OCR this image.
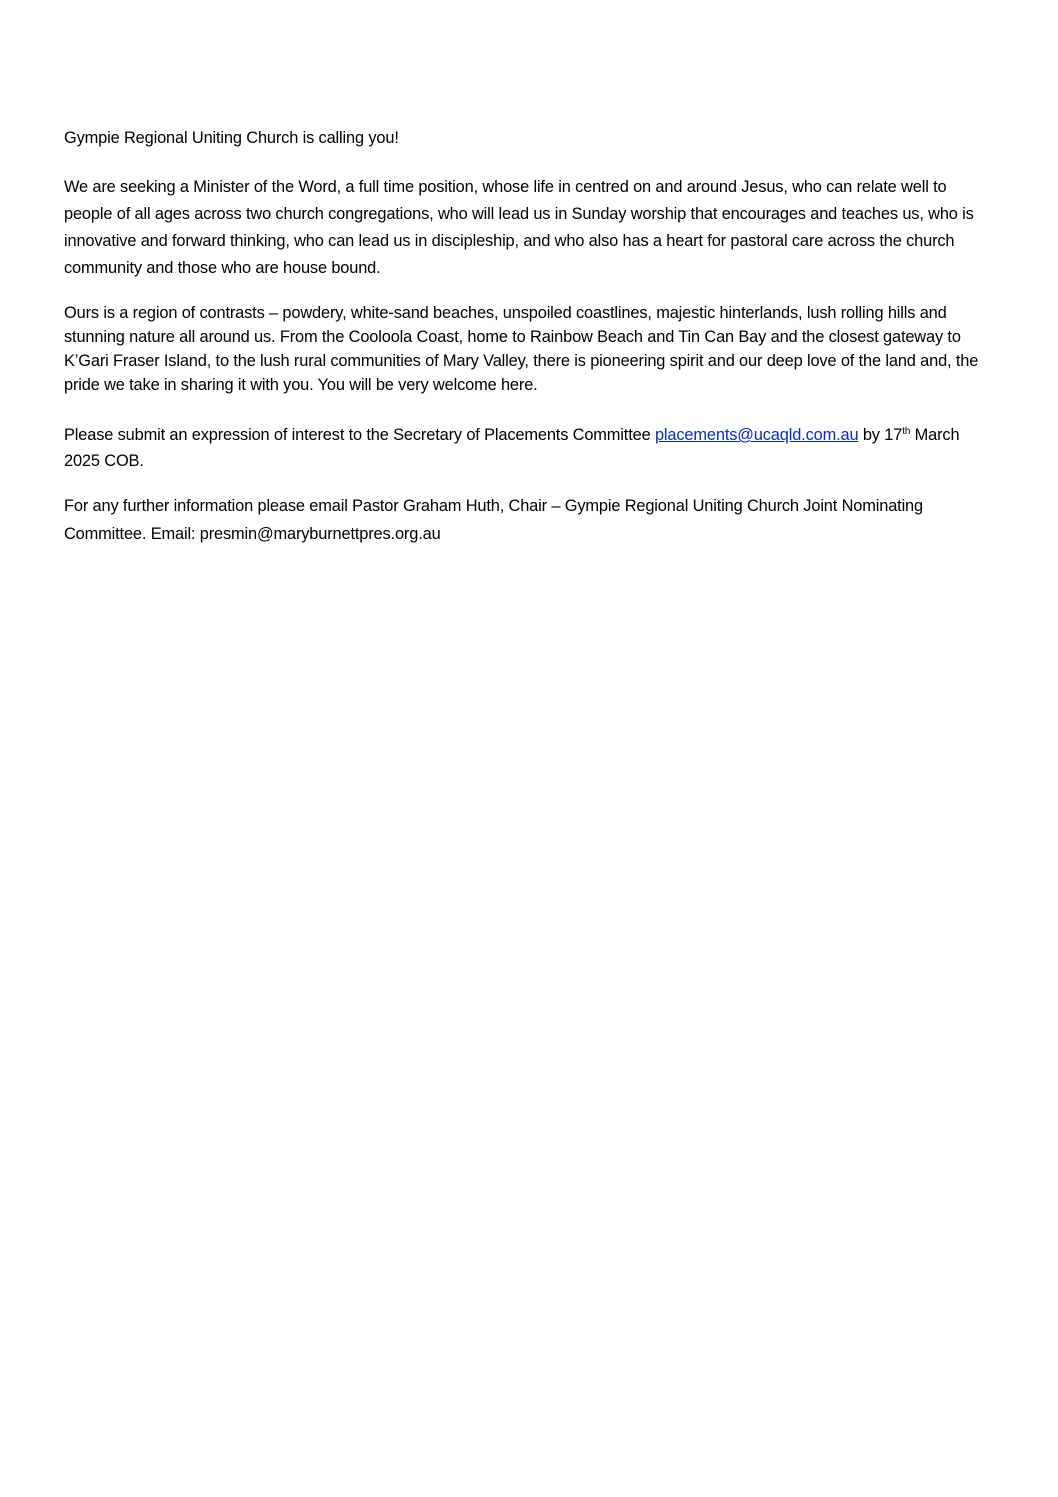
Gympie Regional Uniting Church is calling you!

We are seeking a Minister of the Word, a full time position, whose life in centred on and around Jesus, who can relate well to people of all ages across two church congregations, who will lead us in Sunday worship that encourages and teaches us, who is innovative and forward thinking, who can lead us in discipleship, and who also has a heart for pastoral care across the church community and those who are house bound.

Ours is a region of contrasts – powdery, white-sand beaches, unspoiled coastlines, majestic hinterlands, lush rolling hills and stunning nature all around us. From the Cooloola Coast, home to Rainbow Beach and Tin Can Bay and the closest gateway to K’Gari Fraser Island, to the lush rural communities of Mary Valley, there is pioneering spirit and our deep love of the land and, the pride we take in sharing it with you. You will be very welcome here.

Please submit an expression of interest to the Secretary of Placements Committee placements@ucaqld.com.au by 17th March 2025 COB.

For any further information please email Pastor Graham Huth, Chair – Gympie Regional Uniting Church Joint Nominating Committee. Email: presmin@maryburnettpres.org.au
